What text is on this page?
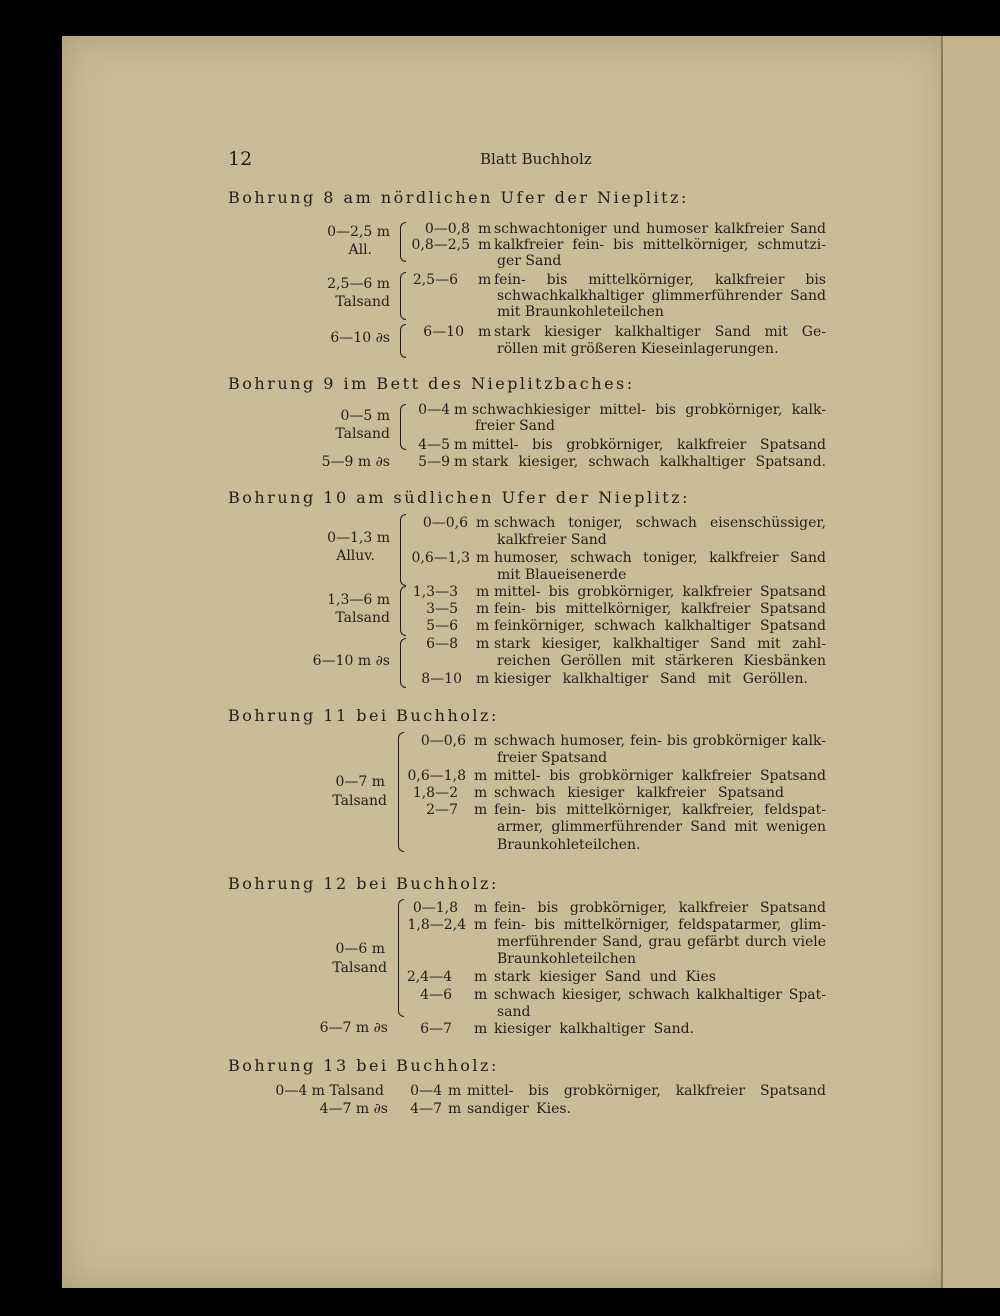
12	Blatt Buchholz
Bohrung 8 am nördlichen Ufer der Nieplitz:
0—2,5 m
All.
2,5—6 m
Talsand
6—10 ∂s
0—0,8 m schwachtoniger und humoser kalkfreier Sand
0,8—2,5 m kalkfreier fein- bis mittelkörniger, schmutzi-
ger Sand
2,5—6 m fein- bis mittelkörniger, kalkfreier bis
schwachkalkhaltiger glimmerführender Sand
mit Braunkohleteilchen
6—10 m stark kiesiger kalkhaltiger Sand mit Ge-
röllen mit größeren Kieseinlagerungen.
Bohrung 9 im Bett des Nieplitzbaches:
0—5 m
Talsand
5—9 m ∂s
0—4 m schwachkiesiger mittel- bis grobkörniger, kalk-
freier Sand
4—5 m mittel- bis grobkörniger, kalkfreier Spatsand
5—9 m stark kiesiger, schwach kalkhaltiger Spatsand.
Bohrung 10 am südlichen Ufer der Nieplitz:
0—1,3 m
Alluv.
1,3—6 m
Talsand
6—10 m ∂s
0—0,6 m schwach toniger, schwach eisenschüssiger,
kalkfreier Sand
0,6—1,3 m humoser, schwach toniger, kalkfreier Sand
mit Blaueisenerde
1,3—3 m mittel- bis grobkörniger, kalkfreier Spatsand
3—5 m fein- bis mittelkörniger, kalkfreier Spatsand
5—6 m feinkörniger, schwach kalkhaltiger Spatsand
6—8 m stark kiesiger, kalkhaltiger Sand mit zahl-
reichen Geröllen mit stärkeren Kiesbänken
8—10 m kiesiger kalkhaltiger Sand mit Geröllen.
Bohrung 11 bei Buchholz:
0—7 m
Talsand
0—0,6 m schwach humoser, fein- bis grobkörniger kalk-
freier Spatsand
0,6—1,8 m mittel- bis grobkörniger kalkfreier Spatsand
1,8—2 m schwach kiesiger kalkfreier Spatsand
2—7 m fein- bis mittelkörniger, kalkfreier, feldspat-
armer, glimmerführender Sand mit wenigen
Braunkohleteilchen.
Bohrung 12 bei Buchholz:
0—6 m
Talsand
6—7 m ∂s
0—1,8 m fein- bis grobkörniger, kalkfreier Spatsand
1,8—2,4 m fein- bis mittelkörniger, feldspatarmer, glim-
merführender Sand, grau gefärbt durch viele
Braunkohleteilchen
2,4—4 m stark kiesiger Sand und Kies
4—6 m schwach kiesiger, schwach kalkhaltiger Spat-
sand
6—7 m kiesiger kalkhaltiger Sand.
Bohrung 13 bei Buchholz:
0—4 m Talsand
4—7 m ∂s
0—4 m mittel- bis grobkörniger, kalkfreier Spatsand
4—7 m sandiger Kies.
